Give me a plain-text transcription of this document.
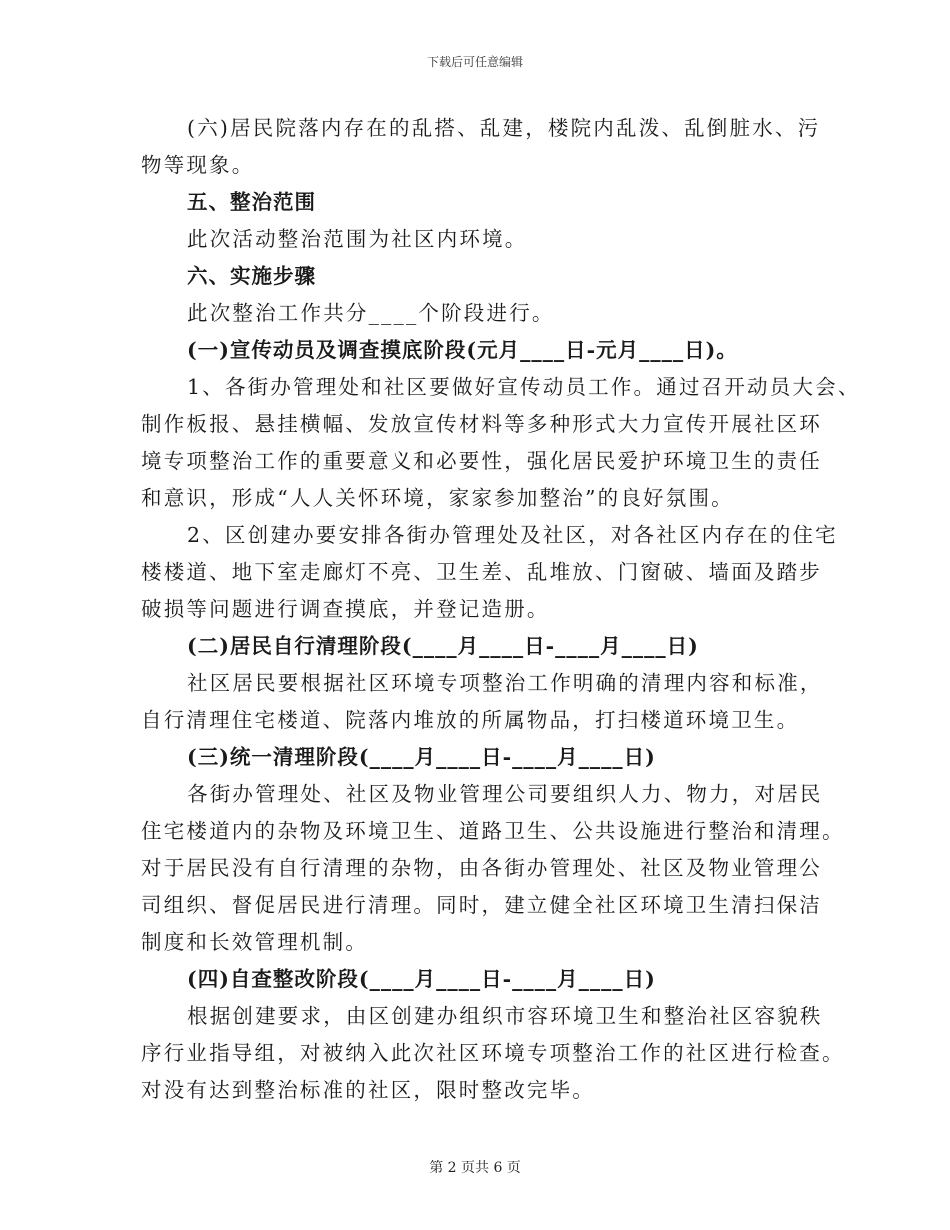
下载后可任意编辑
(六)居民院落内存在的乱搭、乱建，楼院内乱泼、乱倒脏水、污
物等现象。
五、整治范围
此次活动整治范围为社区内环境。
六、实施步骤
此次整治工作共分____个阶段进行。
(一)宣传动员及调查摸底阶段(元月____日-元月____日)。
1、各街办管理处和社区要做好宣传动员工作。通过召开动员大会、
制作板报、悬挂横幅、发放宣传材料等多种形式大力宣传开展社区环
境专项整治工作的重要意义和必要性，强化居民爱护环境卫生的责任
和意识，形成“人人关怀环境，家家参加整治”的良好氛围。
2、区创建办要安排各街办管理处及社区，对各社区内存在的住宅
楼楼道、地下室走廊灯不亮、卫生差、乱堆放、门窗破、墙面及踏步
破损等问题进行调查摸底，并登记造册。
(二)居民自行清理阶段(____月____日-____月____日)
社区居民要根据社区环境专项整治工作明确的清理内容和标准，
自行清理住宅楼道、院落内堆放的所属物品，打扫楼道环境卫生。
(三)统一清理阶段(____月____日-____月____日)
各街办管理处、社区及物业管理公司要组织人力、物力，对居民
住宅楼道内的杂物及环境卫生、道路卫生、公共设施进行整治和清理。
对于居民没有自行清理的杂物，由各街办管理处、社区及物业管理公
司组织、督促居民进行清理。同时，建立健全社区环境卫生清扫保洁
制度和长效管理机制。
(四)自查整改阶段(____月____日-____月____日)
根据创建要求，由区创建办组织市容环境卫生和整治社区容貌秩
序行业指导组，对被纳入此次社区环境专项整治工作的社区进行检查。
对没有达到整治标准的社区，限时整改完毕。
第 2 页共 6 页
